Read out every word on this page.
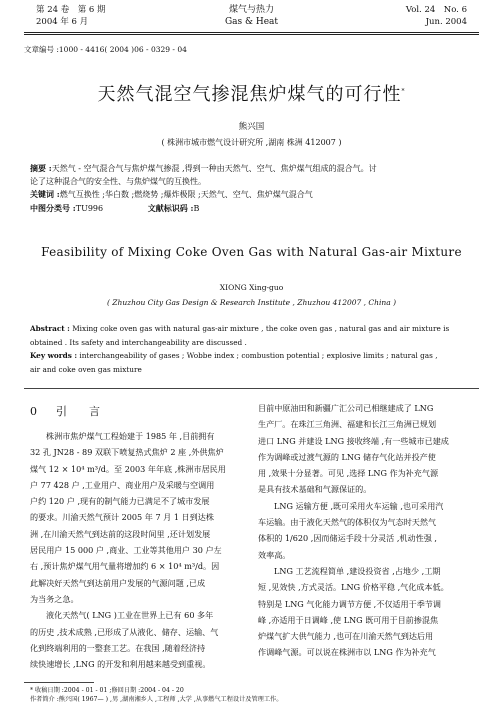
第 24 卷　第 6 期
2004 年 6 月
煤气与热力
Gas & Heat
Vol. 24　No. 6
Jun. 2004
文章编号 :1000 - 4416( 2004 )06 - 0329 - 04
天然气混空气掺混焦炉煤气的可行性*
熊兴国
( 株洲市城市燃气设计研究所 ,湖南 株洲 412007 )
摘要 :天然气 - 空气混合气与焦炉煤气掺混 ,得到一种由天然气、空气、焦炉煤气组成的混合气。讨
论了这种混合气的安全性、与焦炉煤气的互换性。
关键词 :燃气互换性 ;华白数 ;燃烧势 ;爆炸极限 ;天然气、空气、焦炉煤气混合气
中图分类号 :TU996	文献标识码 :B
Feasibility of Mixing Coke Oven Gas with Natural Gas-air Mixture
XIONG Xing-guo
( Zhuzhou City Gas Design & Research Institute , Zhuzhou 412007 , China )
Abstract : Mixing coke oven gas with natural gas-air mixture , the coke oven gas , natural gas and air mixture is
obtained . Its safety and interchangeability are discussed .
Key words : interchangeability of gases ; Wobbe index ; combustion potential ; explosive limits ; natural gas ,
air and coke oven gas mixture
0 引　　言
株洲市焦炉煤气工程始建于 1985 年 ,目前拥有
32 孔 JN28 - 89 双联下喷复热式焦炉 2 座 ,外供焦炉
煤气 12 × 10⁴ m³/d。至 2003 年年底 ,株洲市居民用
户 77 428 户 ,工业用户、商业用户及采暖与空调用
户约 120 户 ,现有的制气能力已满足不了城市发展
的要求。川渝天然气预计 2005 年 7 月 1 日到达株
洲 ,在川渝天然气到达前的这段时间里 ,还计划发展
居民用户 15 000 户 ,商业、工业等其他用户 30 户左
右 ,预计焦炉煤气用气量将增加约 6 × 10⁴ m³/d。因
此解决好天然气到达前用户发展的气源问题 ,已成
为当务之急。
液化天然气( LNG )工业在世界上已有 60 多年
的历史 ,技术成熟 ,已形成了从液化、储存、运输、气
化到终端利用的一整套工艺。在我国 ,随着经济持
续快速增长 ,LNG 的开发和利用越来越受到重视。
目前中原油田和新疆广汇公司已相继建成了 LNG
生产厂。在珠江三角洲、福建和长江三角洲已规划
进口 LNG 并建设 LNG 接收终端 ,有一些城市已建成
作为调峰或过渡气源的 LNG 储存气化站并投产使
用 ,效果十分显著。可见 ,选择 LNG 作为补充气源
是具有技术基础和气源保证的。
LNG 运输方便 ,既可采用火车运输 ,也可采用汽
车运输。由于液化天然气的体积仅为气态时天然气
体积的 1/620 ,因而储运手段十分灵活 ,机动性强 ,
效率高。
LNG 工艺流程简单 ,建设投资省 ,占地少 ,工期
短 ,见效快 ,方式灵活。LNG 价格平稳 ,气化成本低。
特别是 LNG 气化能力调节方便 ,不仅适用于季节调
峰 ,亦适用于日调峰 ,使 LNG 既可用于目前掺混焦
炉煤气扩大供气能力 ,也可在川渝天然气到达后用
作调峰气源。可以说在株洲市以 LNG 作为补充气
* 收稿日期 :2004 - 01 - 01 ;修回日期 :2004 - 04 - 20
作者简介 :熊兴国( 1967— ) ,男 ,湖南湘乡人 ,工程师 ,大学 ,从事燃气工程设计及管理工作。
